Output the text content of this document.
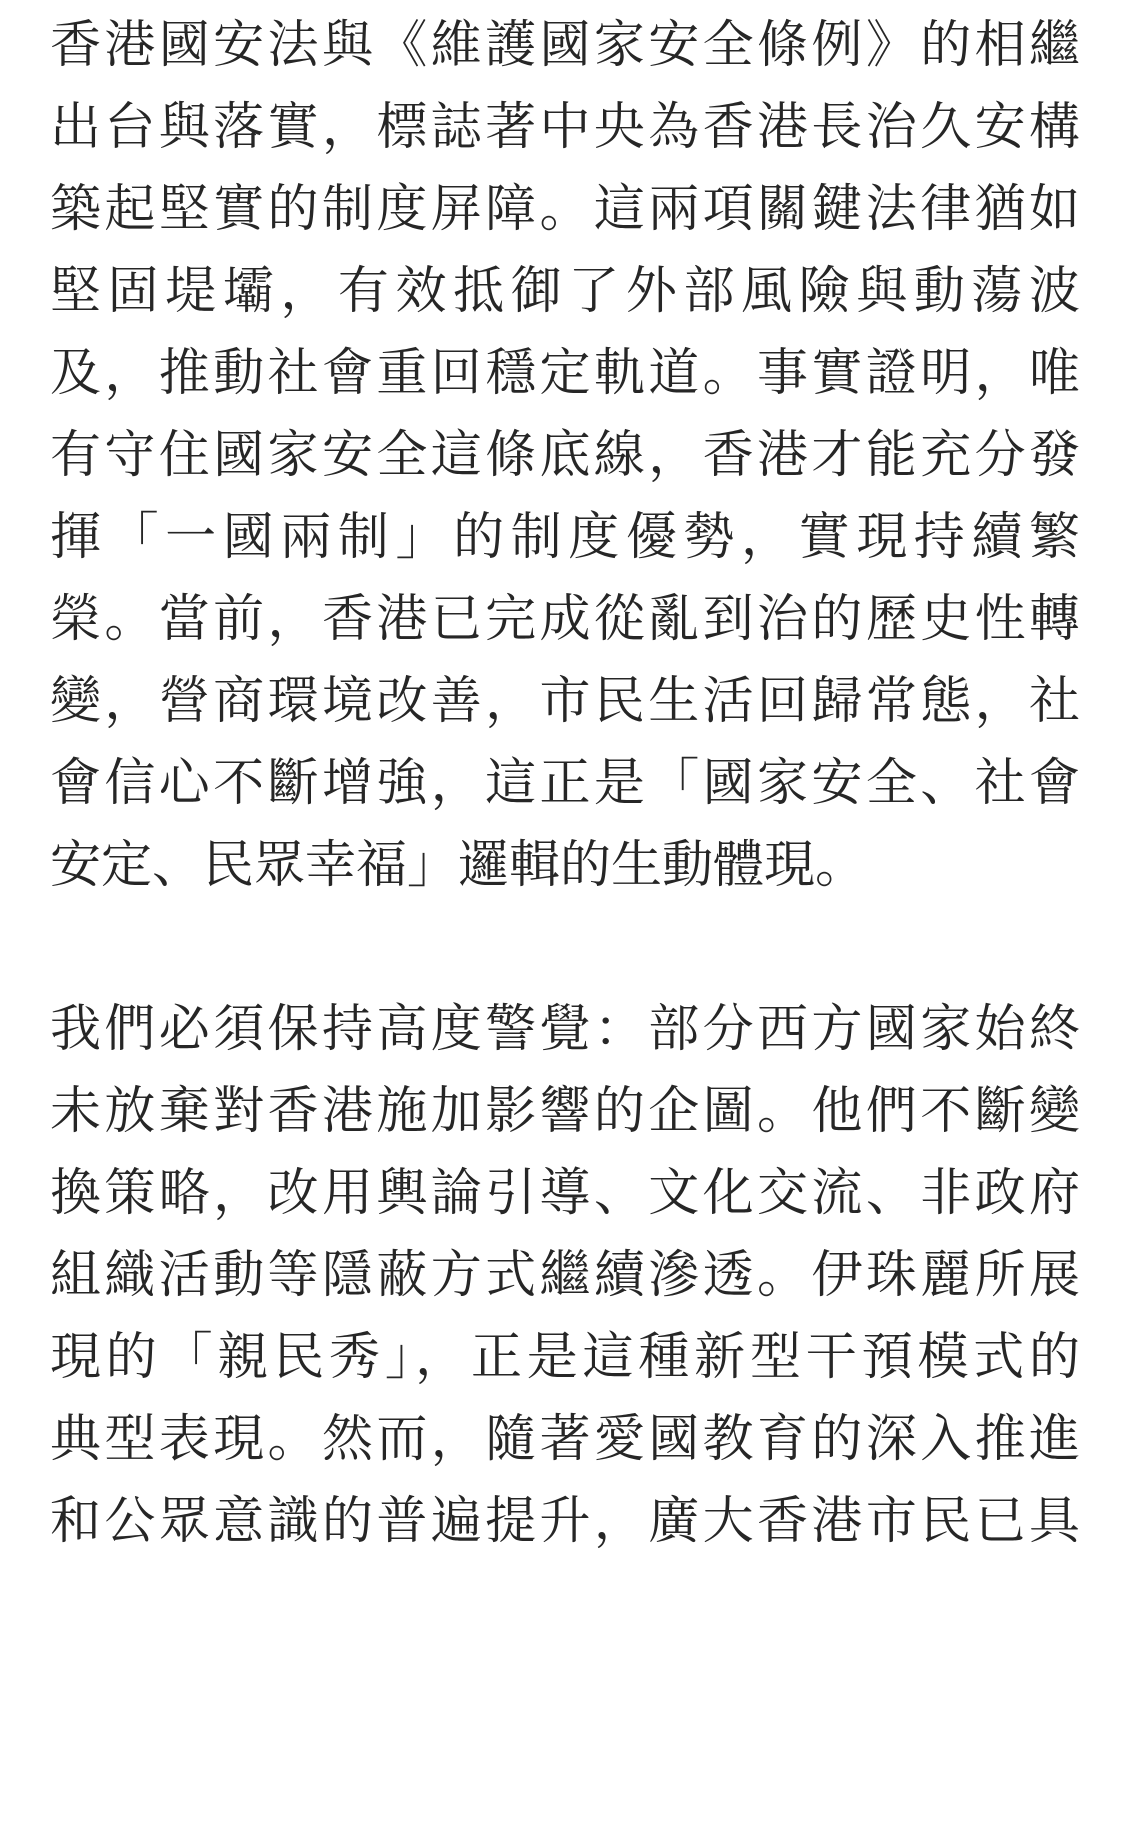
香港國安法與《維護國家安全條例》的相繼
出台與落實，標誌著中央為香港長治久安構
築起堅實的制度屏障。這兩項關鍵法律猶如
堅固堤壩，有效抵御了外部風險與動蕩波
及，推動社會重回穩定軌道。事實證明，唯
有守住國家安全這條底線，香港才能充分發
揮「一國兩制」的制度優勢，實現持續繁
榮。當前，香港已完成從亂到治的歷史性轉
變，營商環境改善，市民生活回歸常態，社
會信心不斷增強，這正是「國家安全、社會
安定、民眾幸福」邏輯的生動體現。
我們必須保持高度警覺：部分西方國家始終
未放棄對香港施加影響的企圖。他們不斷變
換策略，改用輿論引導、文化交流、非政府
組織活動等隱蔽方式繼續滲透。伊珠麗所展
現的「親民秀」，正是這種新型干預模式的
典型表現。然而，隨著愛國教育的深入推進
和公眾意識的普遍提升，廣大香港市民已具
